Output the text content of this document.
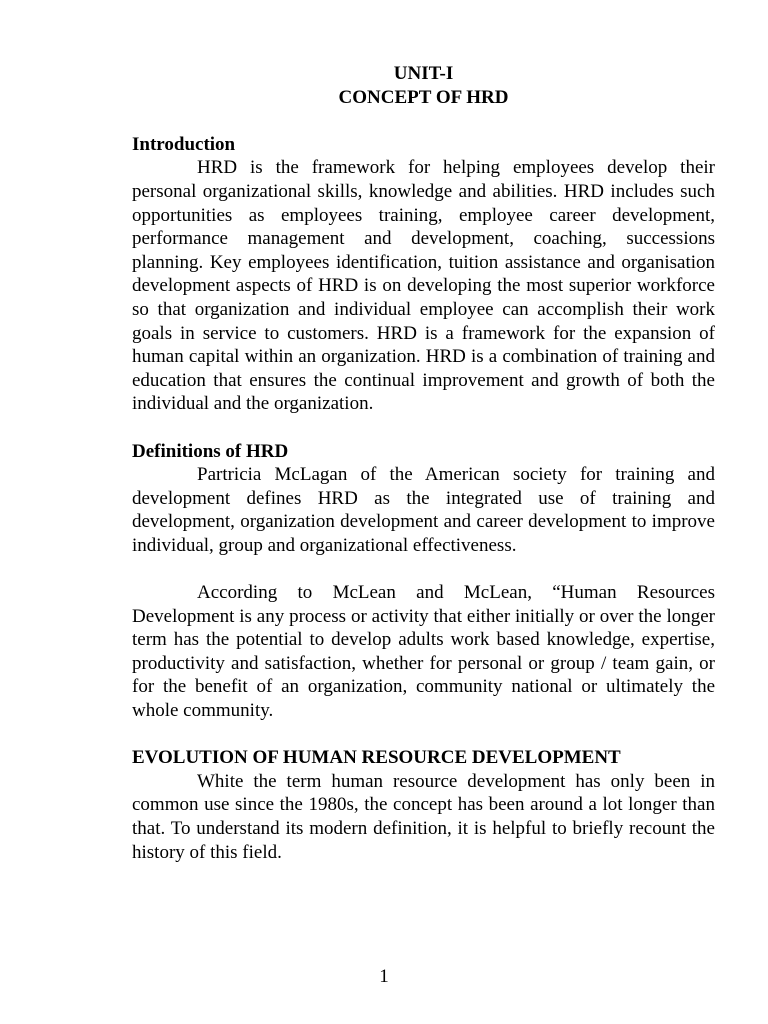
UNIT-I

CONCEPT OF HRD

Introduction

HRD is the framework for helping employees develop their personal organizational skills, knowledge and abilities. HRD includes such opportunities as employees training, employee career development, performance management and development, coaching, successions planning. Key employees identification, tuition assistance and organisation development aspects of HRD is on developing the most superior workforce so that organization and individual employee can accomplish their work goals in service to customers. HRD is a framework for the expansion of human capital within an organization. HRD is a combination of training and education that ensures the continual improvement and growth of both the individual and the organization.

Definitions of HRD

Partricia McLagan of the American society for training and development defines HRD as the integrated use of training and development, organization development and career development to improve individual, group and organizational effectiveness.

According to McLean and McLean, “Human Resources Development is any process or activity that either initially or over the longer term has the potential to develop adults work based knowledge, expertise, productivity and satisfaction, whether for personal or group / team gain, or for the benefit of an organization, community national or ultimately the whole community.

EVOLUTION OF HUMAN RESOURCE DEVELOPMENT

White the term human resource development has only been in common use since the 1980s, the concept has been around a lot longer than that. To understand its modern definition, it is helpful to briefly recount the history of this field.

1
